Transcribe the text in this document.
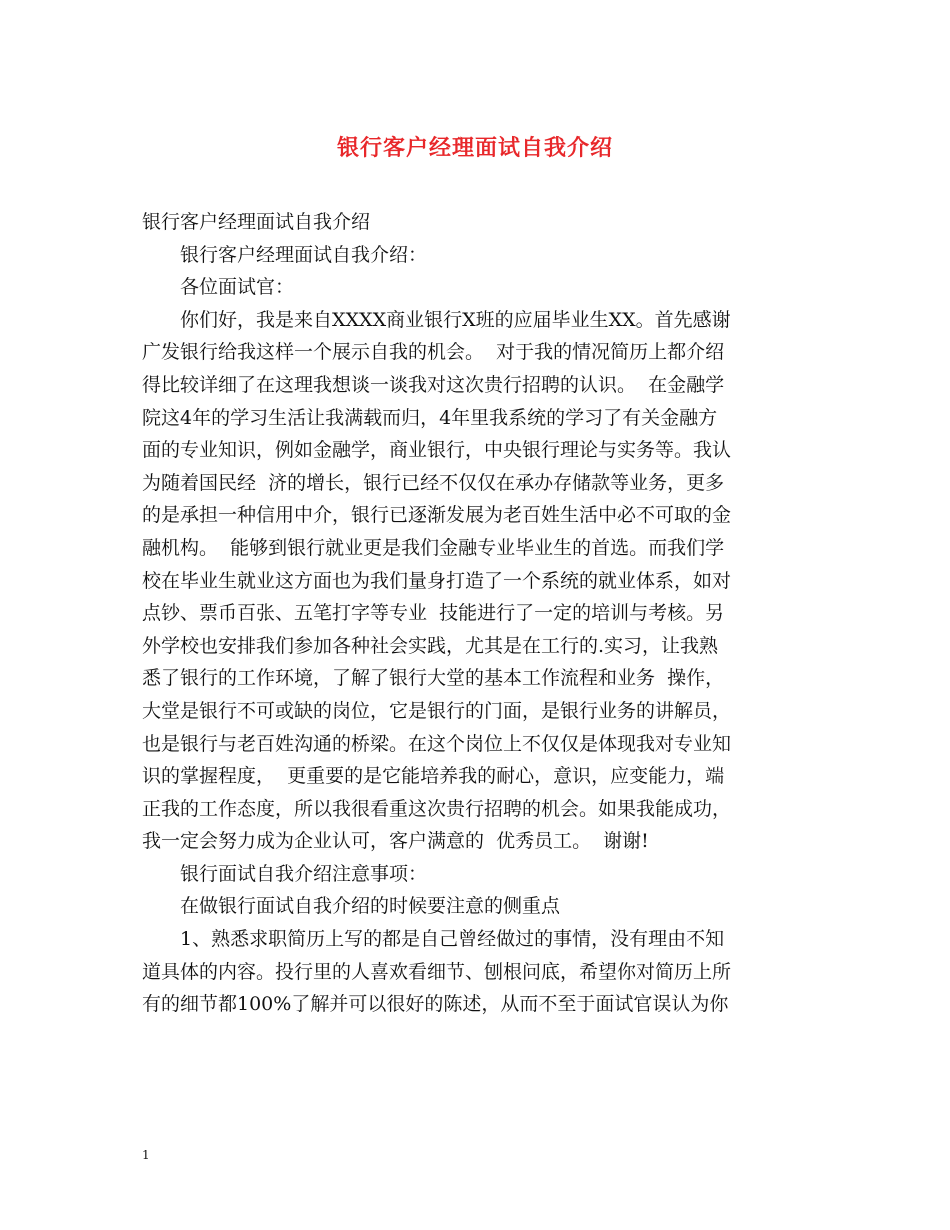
银行客户经理面试自我介绍
银行客户经理面试自我介绍
银行客户经理面试自我介绍：
各位面试官：
你们好，我是来自XXXX商业银行X班的应届毕业生XX。首先感谢
广发银行给我这样一个展示自我的机会。  对于我的情况简历上都介绍
得比较详细了在这理我想谈一谈我对这次贵行招聘的认识。  在金融学
院这4年的学习生活让我满载而归，4年里我系统的学习了有关金融方
面的专业知识，例如金融学，商业银行，中央银行理论与实务等。我认
为随着国民经  济的增长，银行已经不仅仅在承办存储款等业务，更多
的是承担一种信用中介，银行已逐渐发展为老百姓生活中必不可取的金
融机构。  能够到银行就业更是我们金融专业毕业生的首选。而我们学
校在毕业生就业这方面也为我们量身打造了一个系统的就业体系，如对
点钞、票币百张、五笔打字等专业  技能进行了一定的培训与考核。另
外学校也安排我们参加各种社会实践，尤其是在工行的.实习，让我熟
悉了银行的工作环境，了解了银行大堂的基本工作流程和业务  操作，
大堂是银行不可或缺的岗位，它是银行的门面，是银行业务的讲解员，
也是银行与老百姓沟通的桥梁。在这个岗位上不仅仅是体现我对专业知
识的掌握程度，  更重要的是它能培养我的耐心，意识，应变能力，端
正我的工作态度，所以我很看重这次贵行招聘的机会。如果我能成功，
我一定会努力成为企业认可，客户满意的  优秀员工。  谢谢!
银行面试自我介绍注意事项：
在做银行面试自我介绍的时候要注意的侧重点
1、熟悉求职简历上写的都是自己曾经做过的事情，没有理由不知
道具体的内容。投行里的人喜欢看细节、刨根问底，希望你对简历上所
有的细节都100%了解并可以很好的陈述，从而不至于面试官误认为你
1
